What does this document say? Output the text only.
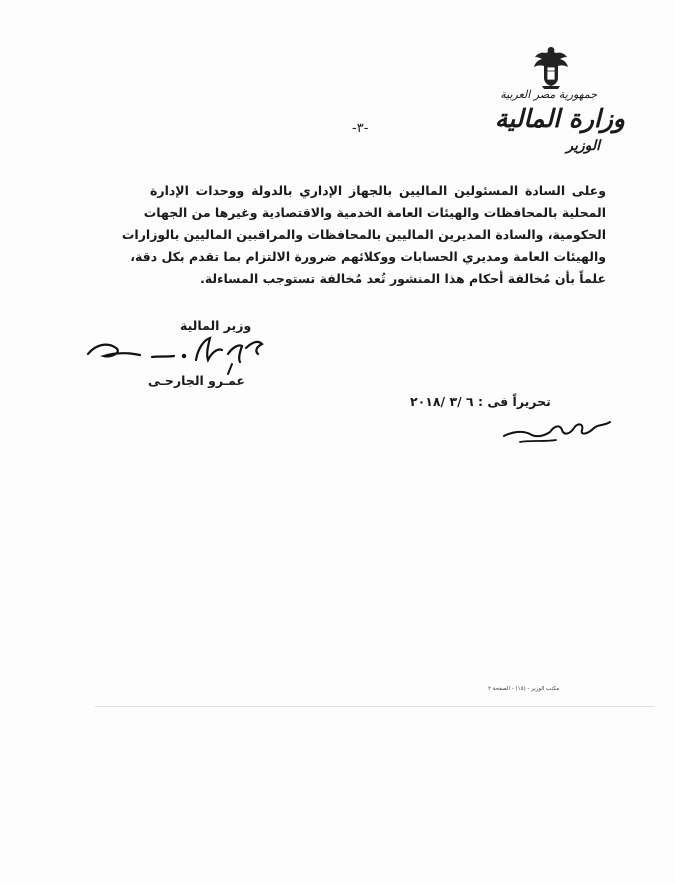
جمهورية مصر العربية
وزارة المالية
الوزير
-٣-
وعلى السادة المسئولين الماليين بالجهاز الإداري بالدولة ووحدات الإدارة
المحلية بالمحافظات والهيئات العامة الخدمية والاقتصادية وغيرها من الجهات
الحكومية، والسادة المديرين الماليين بالمحافظات والمراقبين الماليين بالوزارات
والهيئات العامة ومديري الحسابات ووكلائهم ضرورة الالتزام بما تقدم بكل دقة،
علماً بأن مُخالفة أحكام هذا المنشور تُعد مُخالفة تستوجب المساءلة.
وزير المالية
عمـرو الجارحـى
تحريراً فى : ٦ /٣ /٢٠١٨
مكتب الوزير - (١٥) - الصفحة ٢
